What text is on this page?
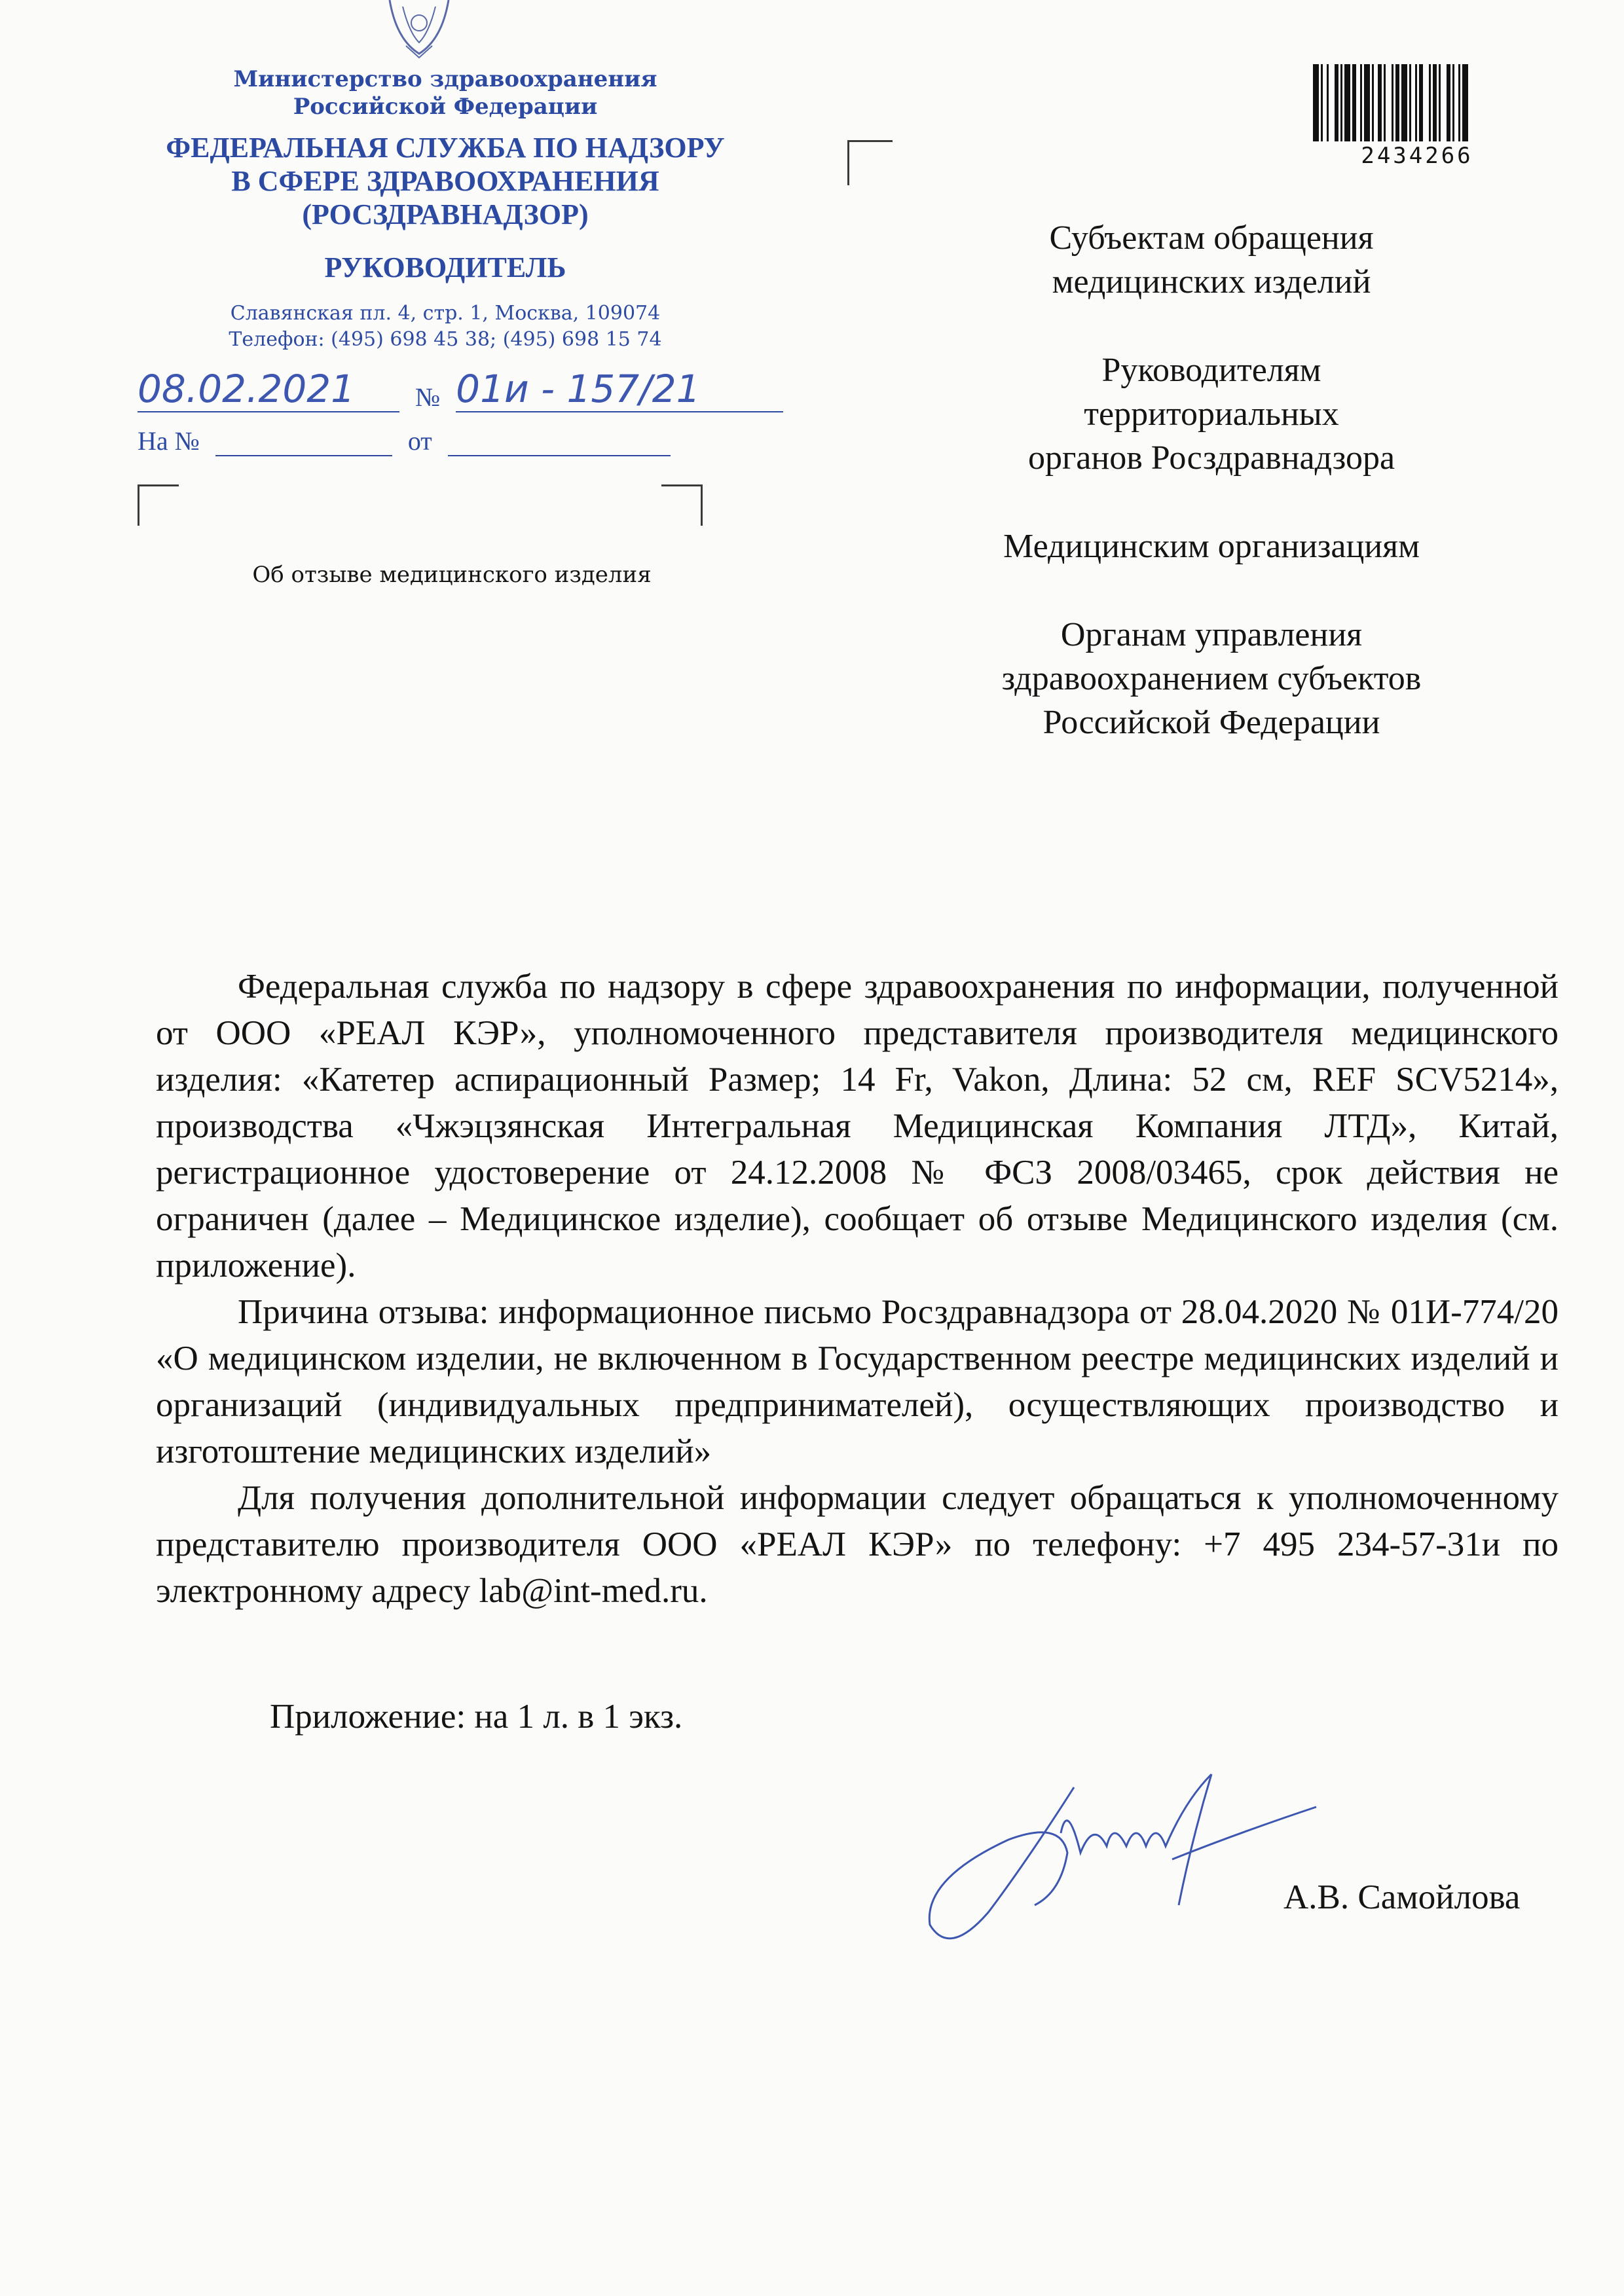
Министерство здравоохранения
Российской Федерации
ФЕДЕРАЛЬНАЯ СЛУЖБА ПО НАДЗОРУ
В СФЕРЕ ЗДРАВООХРАНЕНИЯ
(РОСЗДРАВНАДЗОР)
РУКОВОДИТЕЛЬ
Славянская пл. 4, стр. 1, Москва, 109074
Телефон: (495) 698 45 38; (495) 698 15 74
08.02.2021 № 01и - 157/21
На №	от
Об отзыве медицинского изделия
2434266
Субъектам обращения
медицинских изделий
Руководителям
территориальных
органов Росздравнадзора
Медицинским организациям
Органам управления
здравоохранением субъектов
Российской Федерации

Федеральная служба по надзору в сфере здравоохранения по информации, полученной от ООО «РЕАЛ КЭР», уполномоченного представителя производителя медицинского изделия: «Катетер аспирационный Размер; 14 Fr, Vakon, Длина: 52 см, REF SCV5214», производства «Чжэцзянская Интегральная Медицинская Компания ЛТД», Китай, регистрационное удостоверение от 24.12.2008 № ФСЗ 2008/03465, срок действия не ограничен (далее – Медицинское изделие), сообщает об отзыве Медицинского изделия (см. приложение).

Причина отзыва: информационное письмо Росздравнадзора от 28.04.2020 № 01И-774/20 «О медицинском изделии, не включенном в Государственном реестре медицинских изделий и организаций (индивидуальных предпринимателей), осуществляющих производство и изготоштение медицинских изделий»

Для получения дополнительной информации следует обращаться к уполномоченному представителю производителя ООО «РЕАЛ КЭР» по телефону: +7 495 234-57-31и по электронному адресу lab@int-med.ru.

Приложение: на 1 л. в 1 экз.
А.В. Самойлова
